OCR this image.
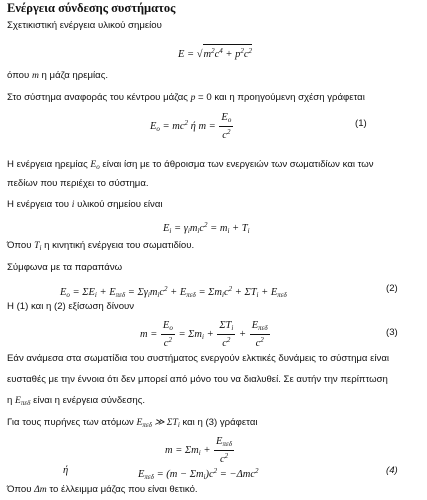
Ενέργεια σύνδεσης συστήματος
Σχετικιστική ενέργεια υλικού σημείου
$E = √m^2c^4 + p^2c^2$
όπου m η μάζα ηρεμίας.
Στο σύστημα αναφοράς του κέντρου μάζας p = 0 και η προηγούμενη σχέση γράφεται
$E_o = mc^2$ ή $m = \frac{E_o}{c^2}$	(1)
Η ενέργεια ηρεμίας $E_o$ είναι ίση με το άθροισμα των ενεργειών των σωματιδίων και των
πεδίων που περιέχει το σύστημα.
Η ενέργεια του i υλικού σημείου είναι
$E_i = \gamma_im_ic^2 = m_i + T_i$
Όπου $T_i$ η κινητική ενέργεια του σωματιδίου.
Σύμφωνα με τα παραπάνω
$E_o = \Sigma E_i + E_{\pi\varepsilon\delta} = \Sigma\gamma_im_ic^2 + E_{\pi\varepsilon\delta} = \Sigma m_ic^2 + \Sigma T_i + E_{\pi\varepsilon\delta}$
(2)
Η (1) και η (2) εξίσωση δίνουν
$m = \frac{E_o}{c^2} = \Sigma m_i + \frac{\Sigma T_i}{c^2} + \frac{E_{\pi\varepsilon\delta}}{c^2}$	(3)
Εάν ανάμεσα στα σωματίδια του συστήματος ενεργούν ελκτικές δυνάμεις το σύστημα είναι
ευσταθές με την έννοια ότι δεν μπορεί από μόνο του να διαλυθεί. Σε αυτήν την περίπτωση
η $E_{\pi\varepsilon\delta}$ είναι η ενέργεια σύνδεσης.
Για τους πυρήνες των ατόμων $E_{\pi\varepsilon\delta}$ ≫ $\Sigma T_i$ και η (3) γράφεται
$m = \Sigma m_i + \frac{E_{\pi\varepsilon\delta}}{c^2}$
ή	$E_{\pi\varepsilon\delta} = (m - \Sigma m_i)c^2 = -\Delta mc^2$	(4)
Όπου Δm το έλλειμμα μάζας που είναι θετικό.
